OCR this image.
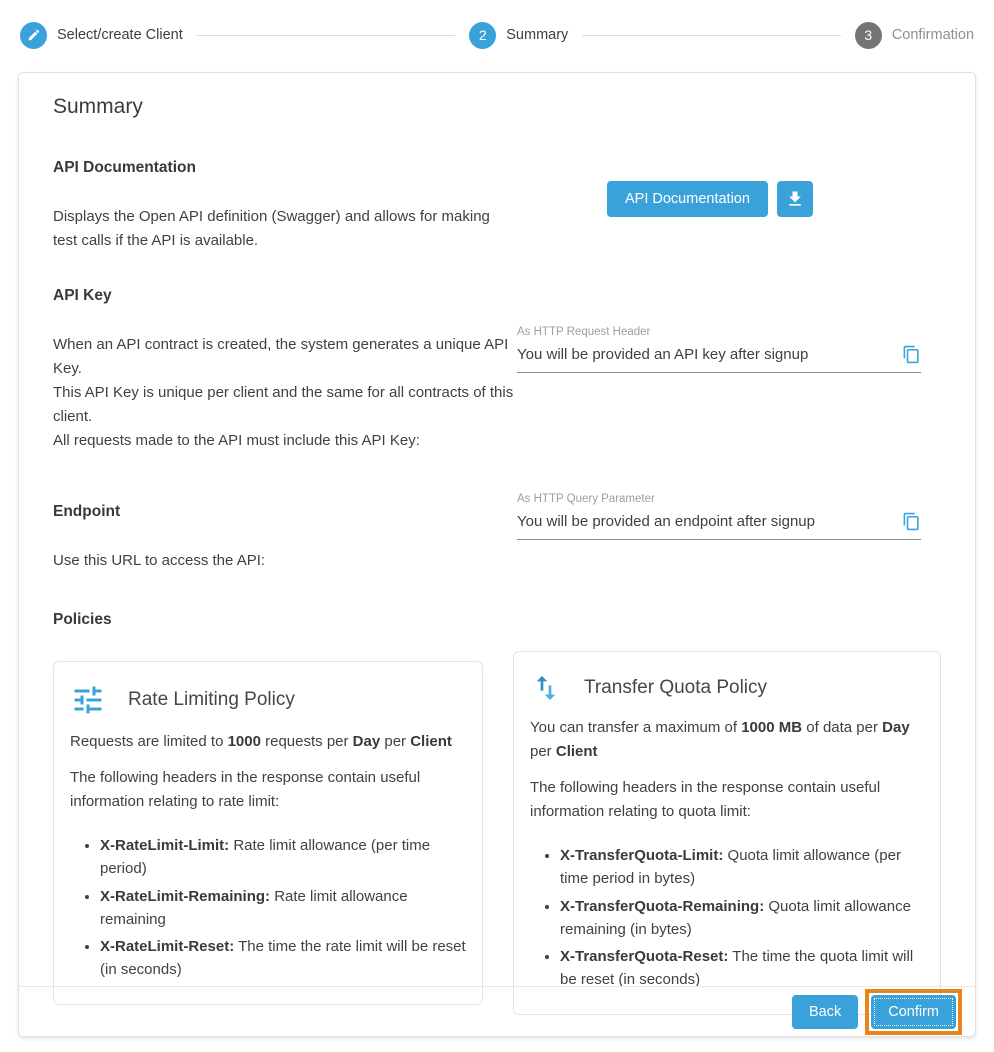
Select/create Client	2	Summary	3	Confirmation
Summary
API Documentation

Displays the Open API definition (Swagger) and allows for making test calls if the API is available.

API Documentation
API Key

When an API contract is created, the system generates a unique API Key.
This API Key is unique per client and the same for all contracts of this client.
All requests made to the API must include this API Key:

As HTTP Request Header
You will be provided an API key after signup
Endpoint

Use this URL to access the API:

As HTTP Query Parameter
You will be provided an endpoint after signup
Policies
Rate Limiting Policy

Requests are limited to 1000 requests per Day per Client

The following headers in the response contain useful information relating to rate limit:

• X-RateLimit-Limit: Rate limit allowance (per time period)
• X-RateLimit-Remaining: Rate limit allowance remaining
• X-RateLimit-Reset: The time the rate limit will be reset (in seconds)
Transfer Quota Policy

You can transfer a maximum of 1000 MB of data per Day per Client

The following headers in the response contain useful information relating to quota limit:

• X-TransferQuota-Limit: Quota limit allowance (per time period in bytes)
• X-TransferQuota-Remaining: Quota limit allowance remaining (in bytes)
• X-TransferQuota-Reset: The time the quota limit will be reset (in seconds)
Back	Confirm
